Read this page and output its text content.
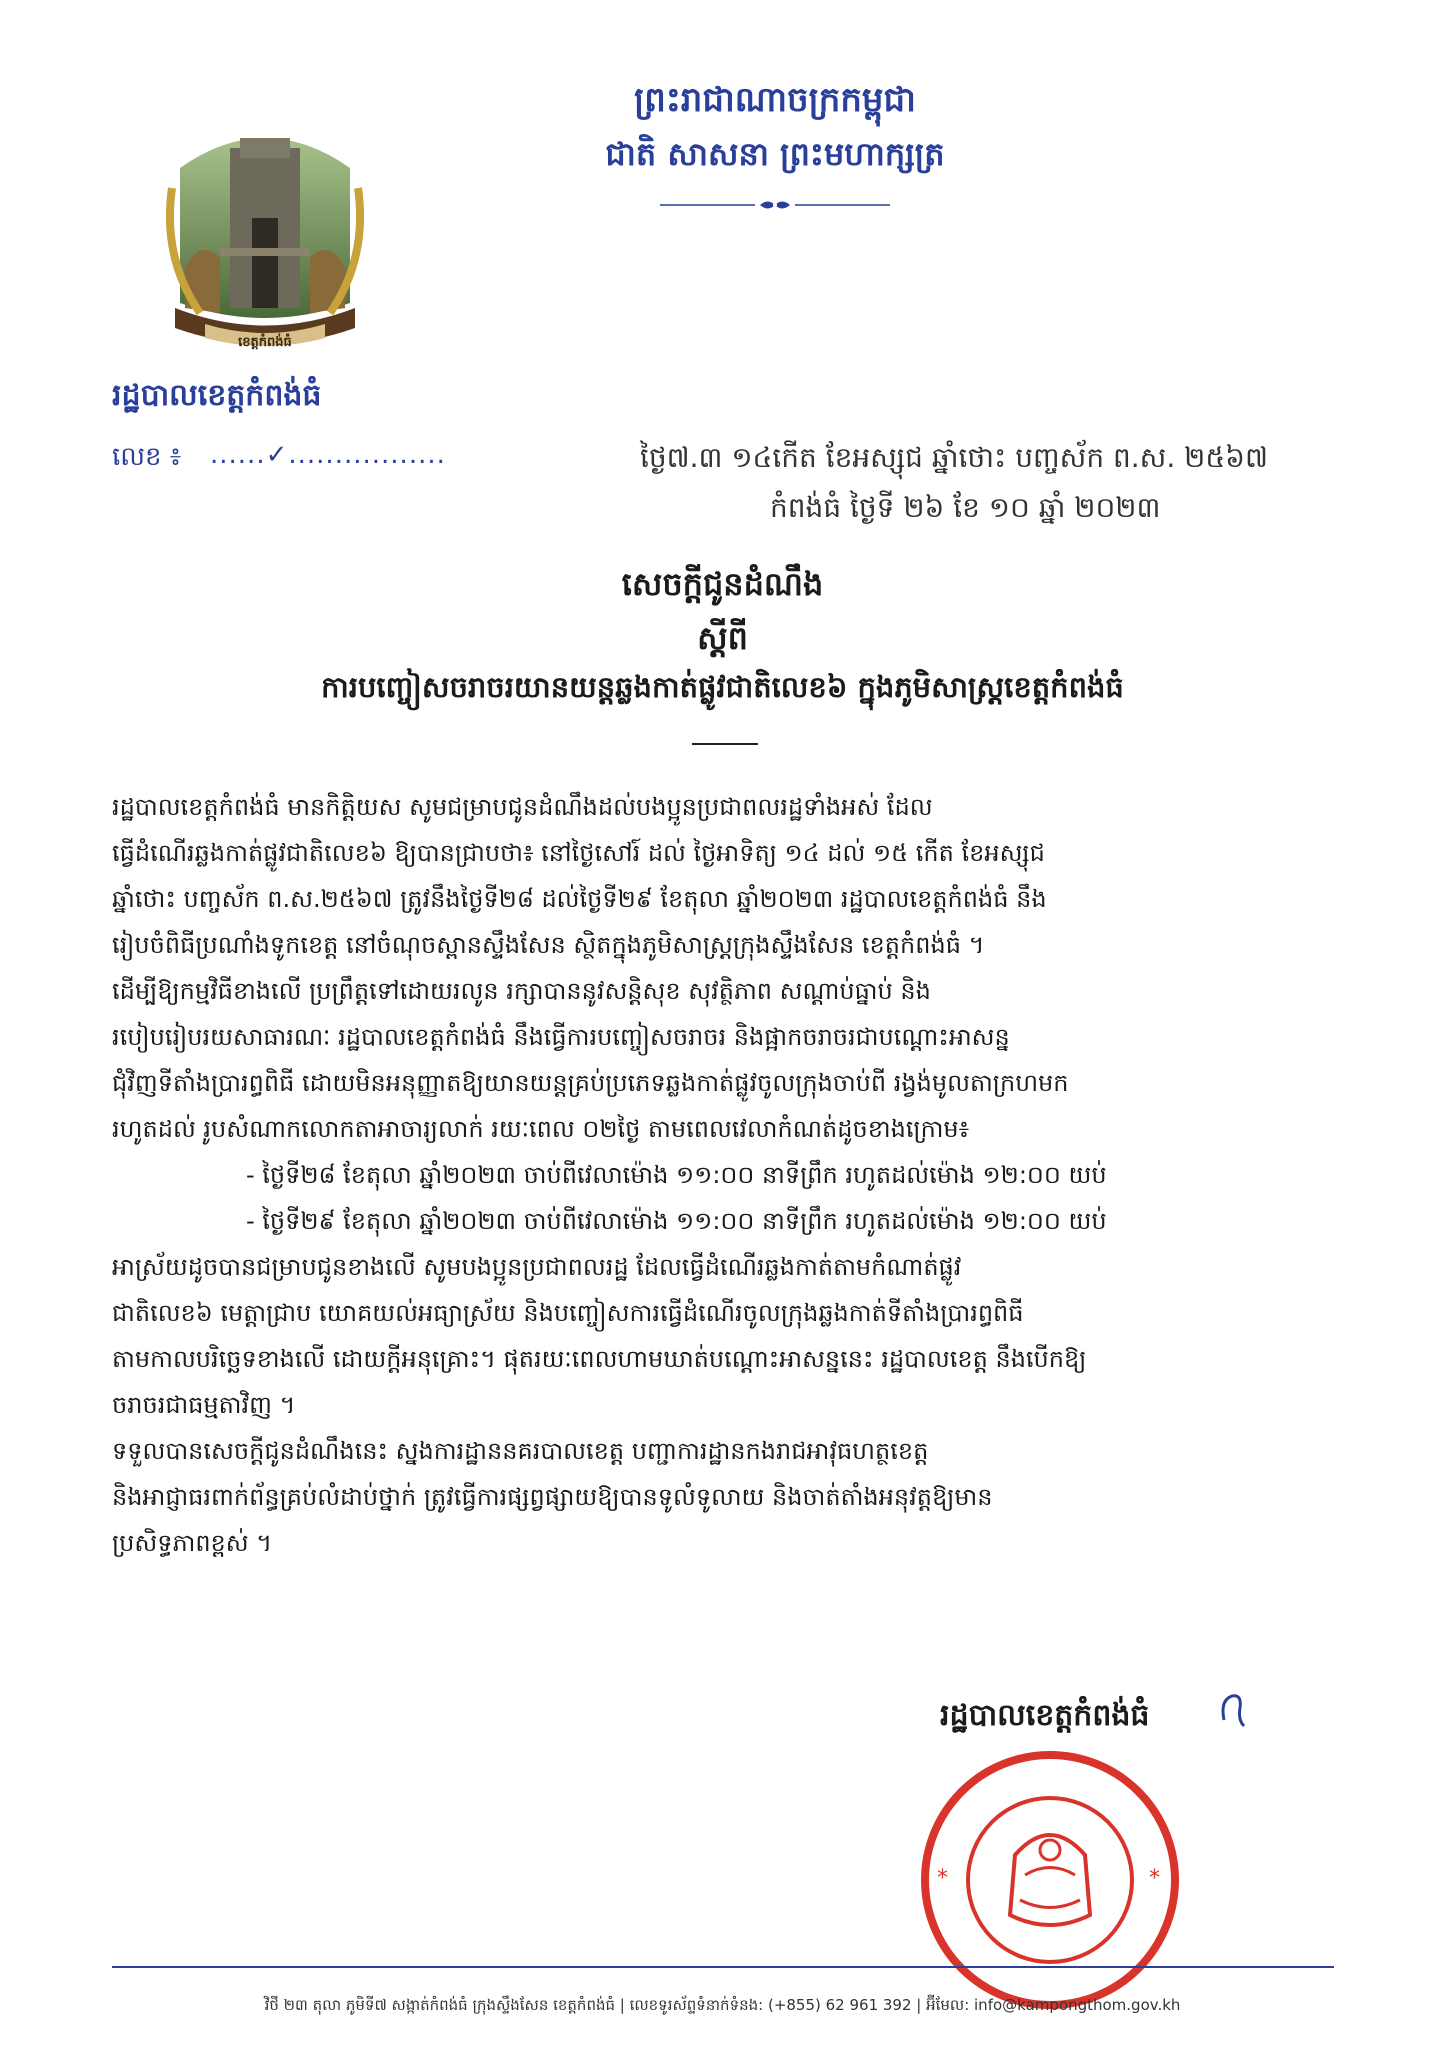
ព្រះរាជាណាចក្រកម្ពុជា
ជាតិ សាសនា ព្រះមហាក្សត្រ
ខេត្តកំពង់ធំ
រដ្ឋបាលខេត្តកំពង់ធំ
លេខ ៖ ......✓.................	ថ្ងៃ៧.៣ ១៤កើត ខែអស្សុជ ឆ្នាំថោះ បញ្ចស័ក ព.ស. ២៥៦៧
កំពង់ធំ ថ្ងៃទី ២៦ ខែ ១០ ឆ្នាំ ២០២៣
សេចក្តីជូនដំណឹង
ស្តីពី
ការបញ្ចៀសចរាចរយានយន្តឆ្លងកាត់ផ្លូវជាតិលេខ៦ ក្នុងភូមិសាស្ត្រខេត្តកំពង់ធំ
រដ្ឋបាលខេត្តកំពង់ធំ មានកិត្តិយស សូមជម្រាបជូនដំណឹងដល់បងប្អូនប្រជាពលរដ្ឋទាំងអស់ ដែល
ធ្វើដំណើរឆ្លងកាត់ផ្លូវជាតិលេខ៦ ឱ្យបានជ្រាបថា៖ នៅថ្ងៃសៅរ៍ ដល់ ថ្ងៃអាទិត្យ ១៤ ដល់ ១៥ កើត ខែអស្សុជ
ឆ្នាំថោះ បញ្ចស័ក ព.ស.២៥៦៧ ត្រូវនឹងថ្ងៃទី២៨ ដល់ថ្ងៃទី២៩ ខែតុលា ឆ្នាំ២០២៣ រដ្ឋបាលខេត្តកំពង់ធំ នឹង
រៀបចំពិធីប្រណាំងទូកខេត្ត នៅចំណុចស្ពានស្ទឹងសែន ស្ថិតក្នុងភូមិសាស្ត្រក្រុងស្ទឹងសែន ខេត្តកំពង់ធំ ។
ដើម្បីឱ្យកម្មវិធីខាងលើ ប្រព្រឹត្តទៅដោយរលូន រក្សាបាននូវសន្តិសុខ សុវត្ថិភាព សណ្តាប់ធ្នាប់ និង
របៀបរៀបរយសាធារណៈ រដ្ឋបាលខេត្តកំពង់ធំ នឹងធ្វើការបញ្ចៀសចរាចរ និងផ្អាកចរាចរជាបណ្តោះអាសន្ន
ជុំវិញទីតាំងប្រារព្ធពិធី ដោយមិនអនុញ្ញាតឱ្យយានយន្តគ្រប់ប្រភេទឆ្លងកាត់ផ្លូវចូលក្រុងចាប់ពី រង្វង់មូលតាក្រហមក
រហូតដល់ រូបសំណាកលោកតាអាចារ្យលាក់ រយៈពេល ០២ថ្ងៃ តាមពេលវេលាកំណត់ដូចខាងក្រោម៖
- ថ្ងៃទី២៨ ខែតុលា ឆ្នាំ២០២៣ ចាប់ពីវេលាម៉ោង ១១:០០ នាទីព្រឹក រហូតដល់ម៉ោង ១២:០០ យប់
- ថ្ងៃទី២៩ ខែតុលា ឆ្នាំ២០២៣ ចាប់ពីវេលាម៉ោង ១១:០០ នាទីព្រឹក រហូតដល់ម៉ោង ១២:០០ យប់
អាស្រ័យដូចបានជម្រាបជូនខាងលើ សូមបងប្អូនប្រជាពលរដ្ឋ ដែលធ្វើដំណើរឆ្លងកាត់តាមកំណាត់ផ្លូវ
ជាតិលេខ៦ មេត្តាជ្រាប យោគយល់អធ្យាស្រ័យ និងបញ្ចៀសការធ្វើដំណើរចូលក្រុងឆ្លងកាត់ទីតាំងប្រារព្ធពិធី
តាមកាលបរិច្ឆេទខាងលើ ដោយក្តីអនុគ្រោះ។ ផុតរយៈពេលហាមឃាត់បណ្តោះអាសន្ននេះ រដ្ឋបាលខេត្ត នឹងបើកឱ្យ
ចរាចរជាធម្មតាវិញ ។
ទទួលបានសេចក្តីជូនដំណឹងនេះ ស្នងការដ្ឋាននគរបាលខេត្ត បញ្ជាការដ្ឋានកងរាជអាវុធហត្ថខេត្ត
និងអាជ្ញាធរពាក់ព័ន្ធគ្រប់លំដាប់ថ្នាក់ ត្រូវធ្វើការផ្សព្វផ្សាយឱ្យបានទូលំទូលាយ និងចាត់តាំងអនុវត្តឱ្យមាន
ប្រសិទ្ធភាពខ្ពស់ ។
រដ្ឋបាលខេត្តកំពង់ធំ
*	*
វិថី ២៣ តុលា ភូមិទី៧ សង្កាត់កំពង់ធំ ក្រុងស្ទឹងសែន ខេត្តកំពង់ធំ | លេខទូរស័ព្ទទំនាក់ទំនង: (+855) 62 961 392 | អ៊ីមែល: info@kampongthom.gov.kh
